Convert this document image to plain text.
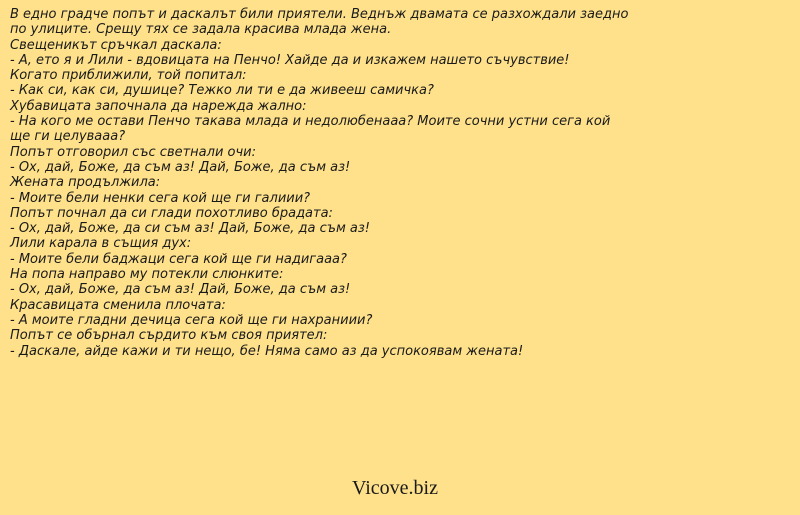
В едно градче попът и даскалът били приятели. Веднъж двамата се разхождали заедно по улиците. Срещу тях се задала красива млада жена.
Свещеникът сръчкал даскала:
- А, ето я и Лили - вдовицата на Пенчо! Хайде да и изкажем нашето съчувствие!
Когато приближили, той попитал:
- Как си, как си, душице? Тежко ли ти е да живееш самичка?
Хубавицата започнала да нарежда жално:
- На кого ме остави Пенчо такава млада и недолюбенааа? Моите сочни устни сега кой ще ги целуваaa?
Попът отговорил със светнали очи:
- Ох, дай, Боже, да съм аз! Дай, Боже, да съм аз!
Жената продължила:
- Моите бели ненки сега кой ще ги галиии?
Попът почнал да си глади похотливо брадата:
- Ох, дай, Боже, да си съм аз! Дай, Боже, да съм аз!
Лили карала в същия дух:
- Моите бели баджаци сега кой ще ги надигааа?
На попа направо му потекли слюнките:
- Ох, дай, Боже, да съм аз! Дай, Боже, да съм аз!
Красавицата сменила плочата:
- А моите гладни дечица сега кой ще ги нахраниии?
Попът се обърнал сърдито към своя приятел:
- Даскале, айде кажи и ти нещо, бе! Няма само аз да успокоявам жената!
Vicove.biz
